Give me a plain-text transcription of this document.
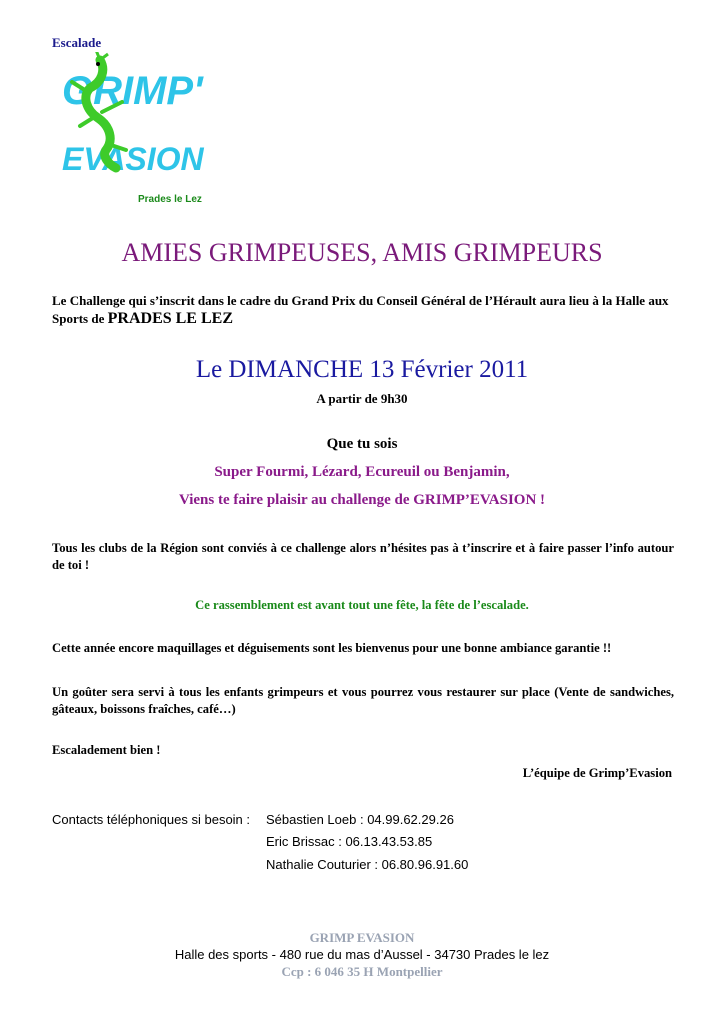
Escalade
GRIMP'
EVASION
Prades le Lez
AMIES GRIMPEUSES, AMIS GRIMPEURS
Le Challenge qui s’inscrit dans le cadre du Grand Prix du Conseil Général de l’Hérault aura lieu à la Halle aux Sports de PRADES LE LEZ
Le DIMANCHE 13 Février 2011
A partir de 9h30
Que tu sois
Super Fourmi, Lézard, Ecureuil ou Benjamin,
Viens te faire plaisir au challenge de GRIMP’EVASION !
Tous les clubs de la Région sont conviés à ce challenge alors n’hésites pas à t’inscrire et à faire passer l’info autour de toi !
Ce rassemblement est avant tout une fête, la fête de l’escalade.
Cette année encore maquillages et déguisements sont les bienvenus pour une bonne ambiance garantie !!
Un goûter sera servi à tous les enfants grimpeurs et vous pourrez vous restaurer sur place (Vente de sandwiches, gâteaux, boissons fraîches, café…)
Escaladement bien !
L’équipe de Grimp’Evasion
Contacts téléphoniques si besoin : Sébastien Loeb : 04.99.62.29.26
Eric Brissac : 06.13.43.53.85
Nathalie Couturier : 06.80.96.91.60
GRIMP EVASION
Halle des sports - 480 rue du mas d’Aussel - 34730 Prades le lez
Ccp : 6 046 35 H Montpellier
